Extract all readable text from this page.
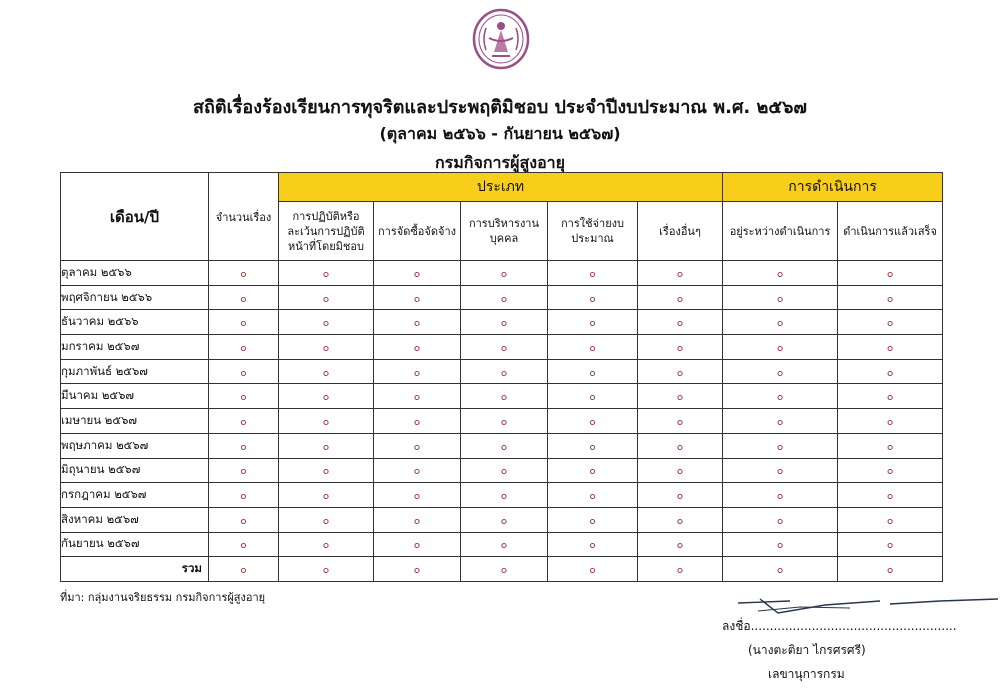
สถิติเรื่องร้องเรียนการทุจริตและประพฤติมิชอบ ประจำปีงบประมาณ พ.ศ. ๒๕๖๗
(ตุลาคม ๒๕๖๖ - กันยายน ๒๕๖๗)
กรมกิจการผู้สูงอายุ
เดือน/ปี	จำนวนเรื่อง	ประเภท					การดำเนินการ	
		การปฏิบัติหรือละเว้นการปฏิบัติหน้าที่โดยมิชอบ	การจัดซื้อจัดจ้าง	การบริหารงานบุคคล	การใช้จ่ายงบประมาณ	เรื่องอื่นๆ	อยู่ระหว่างดำเนินการ	ดำเนินการแล้วเสร็จ
ตุลาคม ๒๕๖๖	๐	๐	๐	๐	๐	๐	๐	๐
พฤศจิกายน ๒๕๖๖	๐	๐	๐	๐	๐	๐	๐	๐
ธันวาคม ๒๕๖๖	๐	๐	๐	๐	๐	๐	๐	๐
มกราคม ๒๕๖๗	๐	๐	๐	๐	๐	๐	๐	๐
กุมภาพันธ์ ๒๕๖๗	๐	๐	๐	๐	๐	๐	๐	๐
มีนาคม ๒๕๖๗	๐	๐	๐	๐	๐	๐	๐	๐
เมษายน ๒๕๖๗	๐	๐	๐	๐	๐	๐	๐	๐
พฤษภาคม ๒๕๖๗	๐	๐	๐	๐	๐	๐	๐	๐
มิถุนายน ๒๕๖๗	๐	๐	๐	๐	๐	๐	๐	๐
กรกฎาคม ๒๕๖๗	๐	๐	๐	๐	๐	๐	๐	๐
สิงหาคม ๒๕๖๗	๐	๐	๐	๐	๐	๐	๐	๐
กันยายน ๒๕๖๗	๐	๐	๐	๐	๐	๐	๐	๐
รวม	๐	๐	๐	๐	๐	๐	๐	๐
ที่มา: กลุ่มงานจริยธรรม กรมกิจการผู้สูงอายุ
ลงชื่อ......................................................
(นางตะติยา ไกรศรศรี)
เลขานุการกรม
